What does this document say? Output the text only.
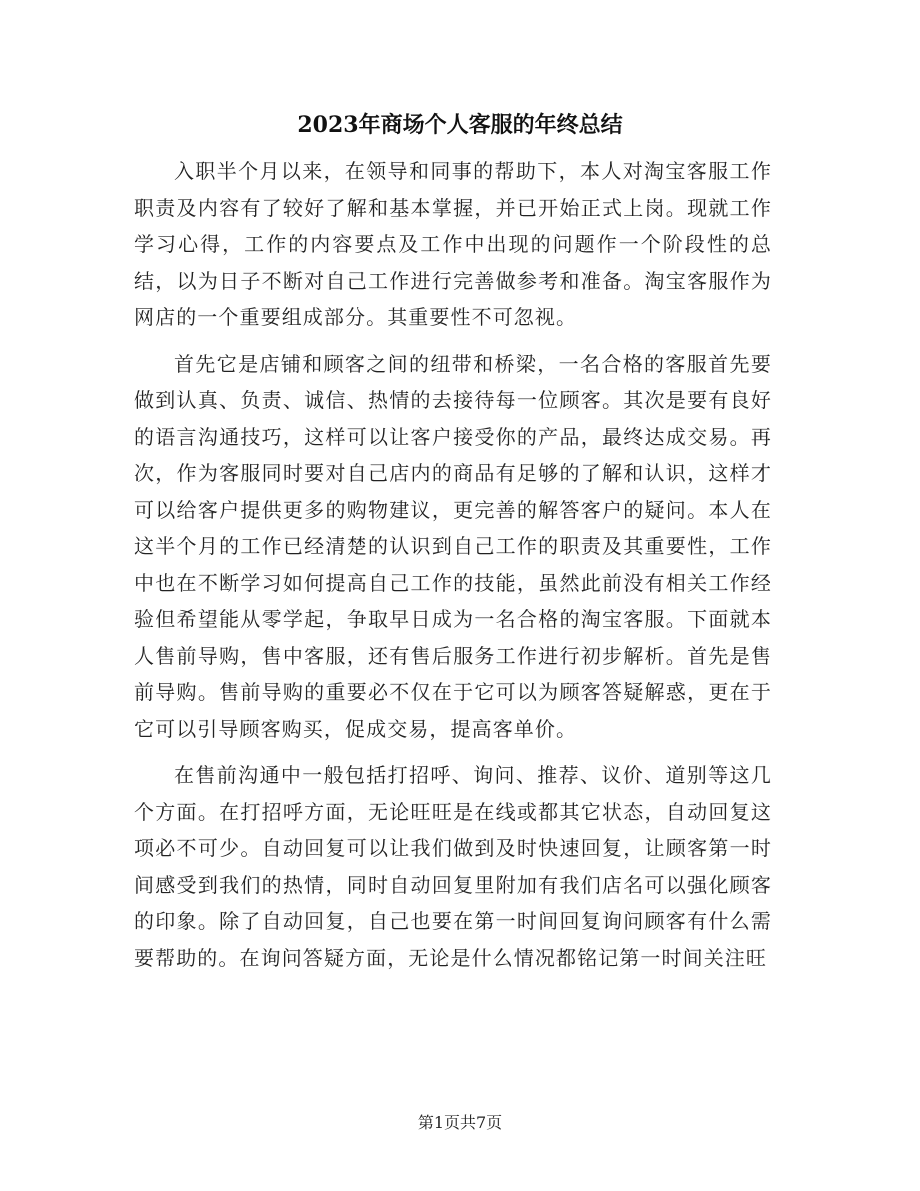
2023年商场个人客服的年终总结

入职半个月以来，在领导和同事的帮助下，本人对淘宝客服工作职责及内容有了较好了解和基本掌握，并已开始正式上岗。现就工作学习心得，工作的内容要点及工作中出现的问题作一个阶段性的总结，以为日子不断对自己工作进行完善做参考和准备。淘宝客服作为网店的一个重要组成部分。其重要性不可忽视。

首先它是店铺和顾客之间的纽带和桥梁，一名合格的客服首先要做到认真、负责、诚信、热情的去接待每一位顾客。其次是要有良好的语言沟通技巧，这样可以让客户接受你的产品，最终达成交易。再次，作为客服同时要对自己店内的商品有足够的了解和认识，这样才可以给客户提供更多的购物建议，更完善的解答客户的疑问。本人在这半个月的工作已经清楚的认识到自己工作的职责及其重要性，工作中也在不断学习如何提高自己工作的技能，虽然此前没有相关工作经验但希望能从零学起，争取早日成为一名合格的淘宝客服。下面就本人售前导购，售中客服，还有售后服务工作进行初步解析。首先是售前导购。售前导购的重要必不仅在于它可以为顾客答疑解惑，更在于它可以引导顾客购买，促成交易，提高客单价。

在售前沟通中一般包括打招呼、询问、推荐、议价、道别等这几个方面。在打招呼方面，无论旺旺是在线或都其它状态，自动回复这项必不可少。自动回复可以让我们做到及时快速回复，让顾客第一时间感受到我们的热情，同时自动回复里附加有我们店名可以强化顾客的印象。除了自动回复，自己也要在第一时间回复询问顾客有什么需要帮助的。在询问答疑方面，无论是什么情况都铭记第一时间关注旺

第1页共7页
